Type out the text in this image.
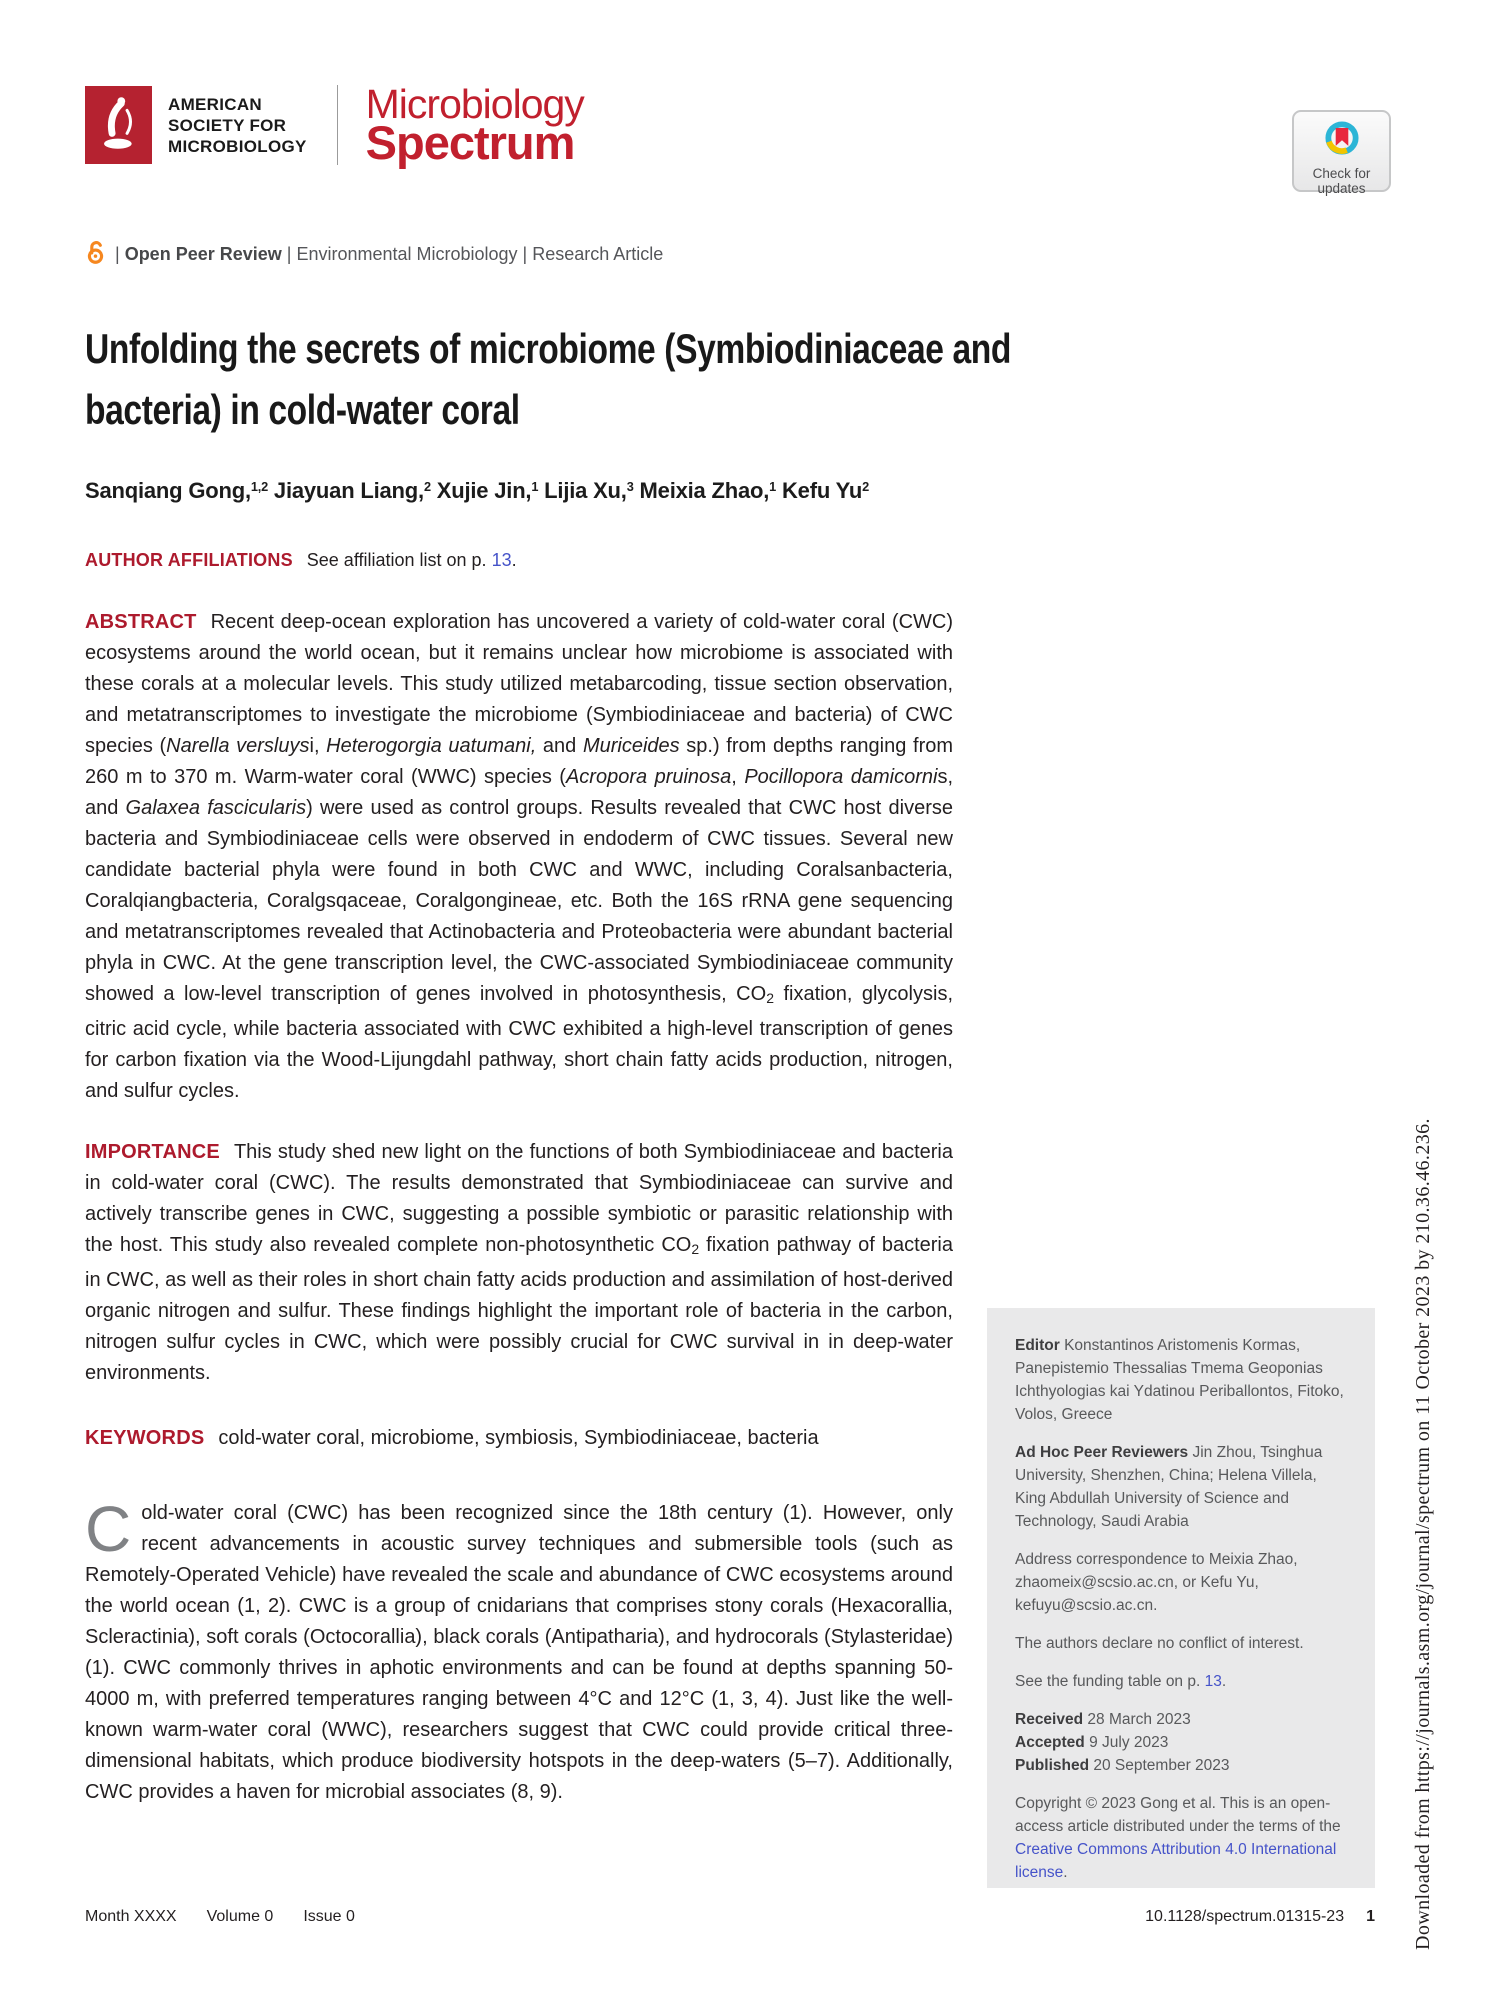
AMERICAN
SOCIETY FOR
MICROBIOLOGY
Microbiology
Spectrum
Check for updates
| Open Peer Review | Environmental Microbiology | Research Article
Unfolding the secrets of microbiome (Symbiodiniaceae and
bacteria) in cold-water coral
Sanqiang Gong,$^{1,2}$ Jiayuan Liang,$^2$ Xujie Jin,$^1$ Lijia Xu,$^3$ Meixia Zhao,$^1$ Kefu Yu$^2$
AUTHOR AFFILIATIONS See affiliation list on p. 13.

ABSTRACT Recent deep-ocean exploration has uncovered a variety of cold-water coral (CWC) ecosystems around the world ocean, but it remains unclear how microbiome is associated with these corals at a molecular levels. This study utilized metabarcoding, tissue section observation, and metatranscriptomes to investigate the microbiome (Symbiodiniaceae and bacteria) of CWC species (Narella versluysi, Heterogorgia uatumani, and Muriceides sp.) from depths ranging from 260 m to 370 m. Warm-water coral (WWC) species (Acropora pruinosa, Pocillopora damicornis, and Galaxea fascicularis) were used as control groups. Results revealed that CWC host diverse bacteria and Symbiodiniaceae cells were observed in endoderm of CWC tissues. Several new candidate bacterial phyla were found in both CWC and WWC, including Coralsanbacteria, Coralqiangbacteria, Coralgsqaceae, Coralgongineae, etc. Both the 16S rRNA gene sequencing and metatranscriptomes revealed that Actinobacteria and Proteobacteria were abundant bacterial phyla in CWC. At the gene transcription level, the CWC-associated Symbiodiniaceae community showed a low-level transcription of genes involved in photosynthesis, CO2 fixation, glycolysis, citric acid cycle, while bacteria associated with CWC exhibited a high-level transcription of genes for carbon fixation via the Wood-Lijungdahl pathway, short chain fatty acids production, nitrogen, and sulfur cycles.

IMPORTANCE This study shed new light on the functions of both Symbiodiniaceae and bacteria in cold-water coral (CWC). The results demonstrated that Symbiodiniaceae can survive and actively transcribe genes in CWC, suggesting a possible symbiotic or parasitic relationship with the host. This study also revealed complete non-photosynthetic CO2 fixation pathway of bacteria in CWC, as well as their roles in short chain fatty acids production and assimilation of host-derived organic nitrogen and sulfur. These findings highlight the important role of bacteria in the carbon, nitrogen sulfur cycles in CWC, which were possibly crucial for CWC survival in in deep-water environments.

KEYWORDS cold-water coral, microbiome, symbiosis, Symbiodiniaceae, bacteria

Cold-water coral (CWC) has been recognized since the 18th century (1). However, only recent advancements in acoustic survey techniques and submersible tools (such as Remotely-Operated Vehicle) have revealed the scale and abundance of CWC ecosystems around the world ocean (1, 2). CWC is a group of cnidarians that comprises stony corals (Hexacorallia, Scleractinia), soft corals (Octocorallia), black corals (Antipatharia), and hydrocorals (Stylasteridae) (1). CWC commonly thrives in aphotic environments and can be found at depths spanning 50-4000 m, with preferred temperatures ranging between 4°C and 12°C (1, 3, 4). Just like the well-known warm-water coral (WWC), researchers suggest that CWC could provide critical three-dimensional habitats, which produce biodiversity hotspots in the deep-waters (5–7). Additionally, CWC provides a haven for microbial associates (8, 9).

Editor Konstantinos Aristomenis Kormas, Panepistemio Thessalias Tmema Geoponias Ichthyologias kai Ydatinou Periballontos, Fitoko, Volos, Greece

Ad Hoc Peer Reviewers Jin Zhou, Tsinghua University, Shenzhen, China; Helena Villela, King Abdullah University of Science and Technology, Saudi Arabia

Address correspondence to Meixia Zhao, zhaomeix@scsio.ac.cn, or Kefu Yu, kefuyu@scsio.ac.cn.

The authors declare no conflict of interest.

See the funding table on p. 13.

Received 28 March 2023

Accepted 9 July 2023

Published 20 September 2023

Copyright © 2023 Gong et al. This is an open-access article distributed under the terms of the Creative Commons Attribution 4.0 International license.

Month XXXX Volume 0 Issue 0	10.1128/spectrum.01315-23 1 Downloaded from https://journals.asm.org/journal/spectrum on 11 October 2023 by 210.36.46.236.
